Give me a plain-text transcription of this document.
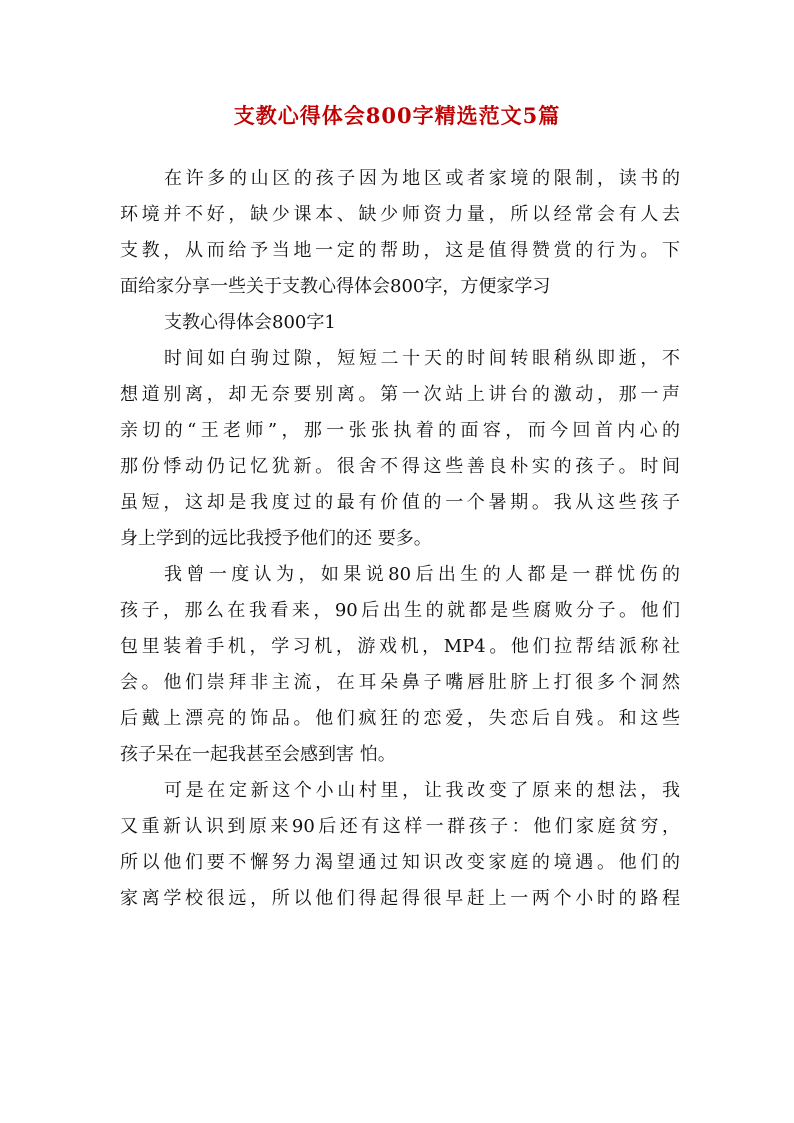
支教心得体会800字精选范文5篇
在许多的山区的孩子因为地区或者家境的限制，读书的
环境并不好，缺少课本、缺少师资力量，所以经常会有人去
支教，从而给予当地一定的帮助，这是值得赞赏的行为。下
面给家分享一些关于支教心得体会800字，方便家学习
支教心得体会800字1
时间如白驹过隙，短短二十天的时间转眼稍纵即逝，不
想道别离，却无奈要别离。第一次站上讲台的激动，那一声
亲切的“王老师”，那一张张执着的面容，而今回首内心的
那份悸动仍记忆犹新。很舍不得这些善良朴实的孩子。时间
虽短，这却是我度过的最有价值的一个暑期。我从这些孩子
身上学到的远比我授予他们的还 要多。
我曾一度认为，如果说80后出生的人都是一群忧伤的
孩子，那么在我看来，90后出生的就都是些腐败分子。他们
包里装着手机，学习机，游戏机，MP4。他们拉帮结派称社
会。他们崇拜非主流，在耳朵鼻子嘴唇肚脐上打很多个洞然
后戴上漂亮的饰品。他们疯狂的恋爱，失恋后自残。和这些
孩子呆在一起我甚至会感到害 怕。
可是在定新这个小山村里，让我改变了原来的想法，我
又重新认识到原来90后还有这样一群孩子：他们家庭贫穷，
所以他们要不懈努力渴望通过知识改变家庭的境遇。他们的
家离学校很远，所以他们得起得很早赶上一两个小时的路程
